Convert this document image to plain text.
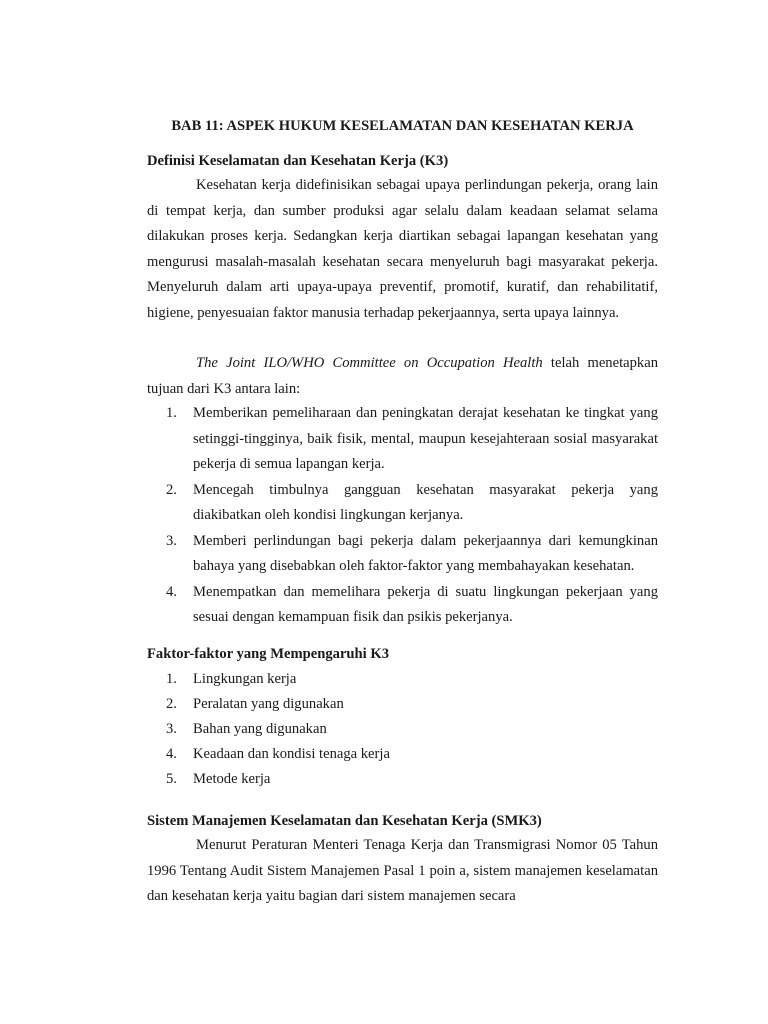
BAB 11: ASPEK HUKUM KESELAMATAN DAN KESEHATAN KERJA
Definisi Keselamatan dan Kesehatan Kerja (K3)

Kesehatan kerja didefinisikan sebagai upaya perlindungan pekerja, orang lain di tempat kerja, dan sumber produksi agar selalu dalam keadaan selamat selama dilakukan proses kerja. Sedangkan kerja diartikan sebagai lapangan kesehatan yang mengurusi masalah-masalah kesehatan secara menyeluruh bagi masyarakat pekerja. Menyeluruh dalam arti upaya-upaya preventif, promotif, kuratif, dan rehabilitatif, higiene, penyesuaian faktor manusia terhadap pekerjaannya, serta upaya lainnya.

The Joint ILO/WHO Committee on Occupation Health telah menetapkan tujuan dari K3 antara lain:

1. Memberikan pemeliharaan dan peningkatan derajat kesehatan ke tingkat yang setinggi-tingginya, baik fisik, mental, maupun kesejahteraan sosial masyarakat pekerja di semua lapangan kerja.
2. Mencegah timbulnya gangguan kesehatan masyarakat pekerja yang diakibatkan oleh kondisi lingkungan kerjanya.
3. Memberi perlindungan bagi pekerja dalam pekerjaannya dari kemungkinan bahaya yang disebabkan oleh faktor-faktor yang membahayakan kesehatan.
4. Menempatkan dan memelihara pekerja di suatu lingkungan pekerjaan yang sesuai dengan kemampuan fisik dan psikis pekerjanya.
Faktor-faktor yang Mempengaruhi K3
1. Lingkungan kerja
2. Peralatan yang digunakan
3. Bahan yang digunakan
4. Keadaan dan kondisi tenaga kerja
5. Metode kerja
Sistem Manajemen Keselamatan dan Kesehatan Kerja (SMK3)

Menurut Peraturan Menteri Tenaga Kerja dan Transmigrasi Nomor 05 Tahun 1996 Tentang Audit Sistem Manajemen Pasal 1 poin a, sistem manajemen keselamatan dan kesehatan kerja yaitu bagian dari sistem manajemen secara
